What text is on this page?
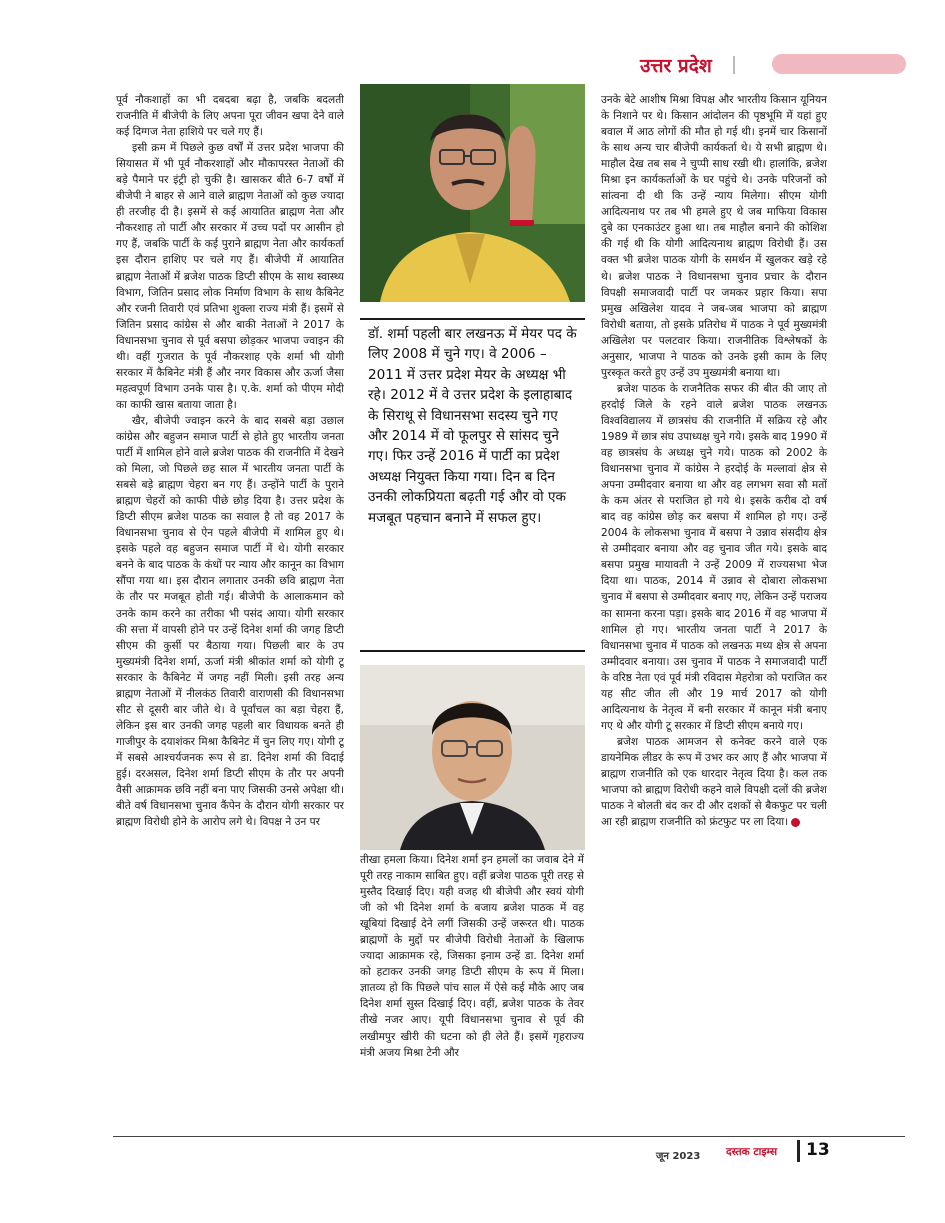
उत्तर प्रदेश

पूर्व नौकशाहों का भी दबदबा बढ़ा है, जबकि बदलती राजनीति में बीजेपी के लिए अपना पूरा जीवन खपा देने वाले कई दिग्गज नेता हाशिये पर चले गए हैं।

इसी क्रम में पिछले कुछ वर्षों में उत्तर प्रदेश भाजपा की सियासत में भी पूर्व नौकरशाहों और मौकापरस्त नेताओं की बड़े पैमाने पर इंट्री हो चुकी है। खासकर बीते 6-7 वर्षों में बीजेपी ने बाहर से आने वाले ब्राह्मण नेताओं को कुछ ज्यादा ही तरजीह दी है। इसमें से कई आयातित ब्राह्मण नेता और नौकरशाह तो पार्टी और सरकार में उच्च पदों पर आसीन हो गए हैं, जबकि पार्टी के कई पुराने ब्राह्मण नेता और कार्यकर्ता इस दौरान हाशिए पर चले गए हैं। बीजेपी में आयातित ब्राह्मण नेताओं में ब्रजेश पाठक डिप्टी सीएम के साथ स्वास्थ्य विभाग, जितिन प्रसाद लोक निर्माण विभाग के साथ कैबिनेट और रजनी तिवारी एवं प्रतिभा शुक्ला राज्य मंत्री हैं। इसमें से जितिन प्रसाद कांग्रेस से और बाकी नेताओं ने 2017 के विधानसभा चुनाव से पूर्व बसपा छोड़कर भाजपा ज्वाइन की थी। वहीं गुजरात के पूर्व नौकरशाह एके शर्मा भी योगी सरकार में कैबिनेट मंत्री हैं और नगर विकास और ऊर्जा जैसा महत्वपूर्ण विभाग उनके पास है। ए.के. शर्मा को पीएम मोदी का काफी खास बताया जाता है।

खैर, बीजेपी ज्वाइन करने के बाद सबसे बड़ा उछाल कांग्रेस और बहुजन समाज पार्टी से होते हुए भारतीय जनता पार्टी में शामिल होने वाले ब्रजेश पाठक की राजनीति में देखने को मिला, जो पिछले छह साल में भारतीय जनता पार्टी के सबसे बड़े ब्राह्मण चेहरा बन गए हैं। उन्होंने पार्टी के पुराने ब्राह्मण चेहरों को काफी पीछे छोड़ दिया है। उत्तर प्रदेश के डिप्टी सीएम ब्रजेश पाठक का सवाल है तो वह 2017 के विधानसभा चुनाव से ऐन पहले बीजेपी में शामिल हुए थे। इसके पहले वह बहुजन समाज पार्टी में थे। योगी सरकार बनने के बाद पाठक के कंधों पर न्याय और कानून का विभाग सौंपा गया था। इस दौरान लगातार उनकी छवि ब्राह्मण नेता के तौर पर मजबूत होती गई। बीजेपी के आलाकमान को उनके काम करने का तरीका भी पसंद आया। योगी सरकार की सत्ता में वापसी होने पर उन्हें दिनेश शर्मा की जगह डिप्टी सीएम की कुर्सी पर बैठाया गया। पिछली बार के उप मुख्यमंत्री दिनेश शर्मा, ऊर्जा मंत्री श्रीकांत शर्मा को योगी टू सरकार के कैबिनेट में जगह नहीं मिली। इसी तरह अन्य ब्राह्मण नेताओं में नीलकंठ तिवारी वाराणसी की विधानसभा सीट से दूसरी बार जीते थे। वे पूर्वांचल का बड़ा चेहरा हैं, लेकिन इस बार उनकी जगह पहली बार विधायक बनते ही गाजीपुर के दयाशंकर मिश्रा कैबिनेट में चुन लिए गए। योगी टू में सबसे आश्चर्यजनक रूप से डा. दिनेश शर्मा की विदाई हुई। दरअसल, दिनेश शर्मा डिप्टी सीएम के तौर पर अपनी वैसी आक्रामक छवि नहीं बना पाए जिसकी उनसे अपेक्षा थी। बीते वर्ष विधानसभा चुनाव कैंपेन के दौरान योगी सरकार पर ब्राह्मण विरोधी होने के आरोप लगे थे। विपक्ष ने उन पर

डॉ. शर्मा पहली बार लखनऊ में मेयर पद के लिए 2008 में चुने गए। वे 2006 – 2011 में उत्तर प्रदेश मेयर के अध्यक्ष भी रहे। 2012 में वे उत्तर प्रदेश के इलाहाबाद के सिराथू से विधानसभा सदस्य चुने गए और 2014 में वो फूलपुर से सांसद चुने गए। फिर उन्हें 2016 में पार्टी का प्रदेश अध्यक्ष नियुक्त किया गया। दिन ब दिन उनकी लोकप्रियता बढ़ती गई और वो एक मजबूत पहचान बनाने में सफल हुए।

तीखा हमला किया। दिनेश शर्मा इन हमलों का जवाब देने में पूरी तरह नाकाम साबित हुए। वहीं ब्रजेश पाठक पूरी तरह से मुस्तैद दिखाई दिए। यही वजह थी बीजेपी और स्वयं योगी जी को भी दिनेश शर्मा के बजाय ब्रजेश पाठक में वह खूबियां दिखाई देने लगीं जिसकी उन्हें जरूरत थी। पाठक ब्राह्मणों के मुद्दों पर बीजेपी विरोधी नेताओं के खिलाफ ज्यादा आक्रामक रहे, जिसका इनाम उन्हें डा. दिनेश शर्मा को हटाकर उनकी जगह डिप्टी सीएम के रूप में मिला। ज्ञातव्य हो कि पिछले पांच साल में ऐसे कई मौके आए जब दिनेश शर्मा सुस्त दिखाई दिए। वहीं, ब्रजेश पाठक के तेवर तीखे नजर आए। यूपी विधानसभा चुनाव से पूर्व की लखीमपुर खीरी की घटना को ही लेते हैं। इसमें गृहराज्य मंत्री अजय मिश्रा टेनी और

उनके बेटे आशीष मिश्रा विपक्ष और भारतीय किसान यूनियन के निशाने पर थे। किसान आंदोलन की पृष्ठभूमि में यहां हुए बवाल में आठ लोगों की मौत हो गई थी। इनमें चार किसानों के साथ अन्य चार बीजेपी कार्यकर्ता थे। ये सभी ब्राह्मण थे। माहौल देख तब सब ने चुप्पी साध रखी थी। हालांकि, ब्रजेश मिश्रा इन कार्यकर्ताओं के घर पहुंचे थे। उनके परिजनों को सांत्वना दी थी कि उन्हें न्याय मिलेगा। सीएम योगी आदित्यनाथ पर तब भी हमले हुए थे जब माफिया विकास दुबे का एनकाउंटर हुआ था। तब माहौल बनाने की कोशिश की गई थी कि योगी आदित्यनाथ ब्राह्मण विरोधी हैं। उस वक्त भी ब्रजेश पाठक योगी के समर्थन में खुलकर खड़े रहे थे। ब्रजेश पाठक ने विधानसभा चुनाव प्रचार के दौरान विपक्षी समाजवादी पार्टी पर जमकर प्रहार किया। सपा प्रमुख अखिलेश यादव ने जब-जब भाजपा को ब्राह्मण विरोधी बताया, तो इसके प्रतिरोध में पाठक ने पूर्व मुख्यमंत्री अखिलेश पर पलटवार किया। राजनीतिक विश्लेषकों के अनुसार, भाजपा ने पाठक को उनके इसी काम के लिए पुरस्कृत करते हुए उन्हें उप मुख्यमंत्री बनाया था।

ब्रजेश पाठक के राजनैतिक सफर की बीत की जाए तो हरदोई जिले के रहने वाले ब्रजेश पाठक लखनऊ विश्वविद्यालय में छात्रसंघ की राजनीति में सक्रिय रहे और 1989 में छात्र संघ उपाध्यक्ष चुने गये। इसके बाद 1990 में वह छात्रसंघ के अध्यक्ष चुने गये। पाठक को 2002 के विधानसभा चुनाव में कांग्रेस ने हरदोई के मल्लावां क्षेत्र से अपना उम्मीदवार बनाया था और वह लगभग सवा सौ मतों के कम अंतर से पराजित हो गये थे। इसके करीब दो वर्ष बाद वह कांग्रेस छोड़ कर बसपा में शामिल हो गए। उन्हें 2004 के लोकसभा चुनाव में बसपा ने उन्नाव संसदीय क्षेत्र से उम्मीदवार बनाया और वह चुनाव जीत गये। इसके बाद बसपा प्रमुख मायावती ने उन्हें 2009 में राज्यसभा भेज दिया था। पाठक, 2014 में उन्नाव से दोबारा लोकसभा चुनाव में बसपा से उम्मीदवार बनाए गए, लेकिन उन्हें पराजय का सामना करना पड़ा। इसके बाद 2016 में वह भाजपा में शामिल हो गए। भारतीय जनता पार्टी ने 2017 के विधानसभा चुनाव में पाठक को लखनऊ मध्य क्षेत्र से अपना उम्मीदवार बनाया। उस चुनाव में पाठक ने समाजवादी पार्टी के वरिष्ठ नेता एवं पूर्व मंत्री रविदास मेहरोत्रा को पराजित कर यह सीट जीत ली और 19 मार्च 2017 को योगी आदित्यनाथ के नेतृत्व में बनी सरकार में कानून मंत्री बनाए गए थे और योगी टू सरकार में डिप्टी सीएम बनाये गए।

ब्रजेश पाठक आमजन से कनेक्ट करने वाले एक डायनेमिक लीडर के रूप में उभर कर आए हैं और भाजपा में ब्राह्मण राजनीति को एक धारदार नेतृत्व दिया है। कल तक भाजपा को ब्राह्मण विरोधी कहने वाले विपक्षी दलों की ब्रजेश पाठक ने बोलती बंद कर दी और दशकों से बैकफुट पर चली आ रही ब्राह्मण राजनीति को फ्रंटफुट पर ला दिया।

जून 2023 दस्तक टाइम्स 13
